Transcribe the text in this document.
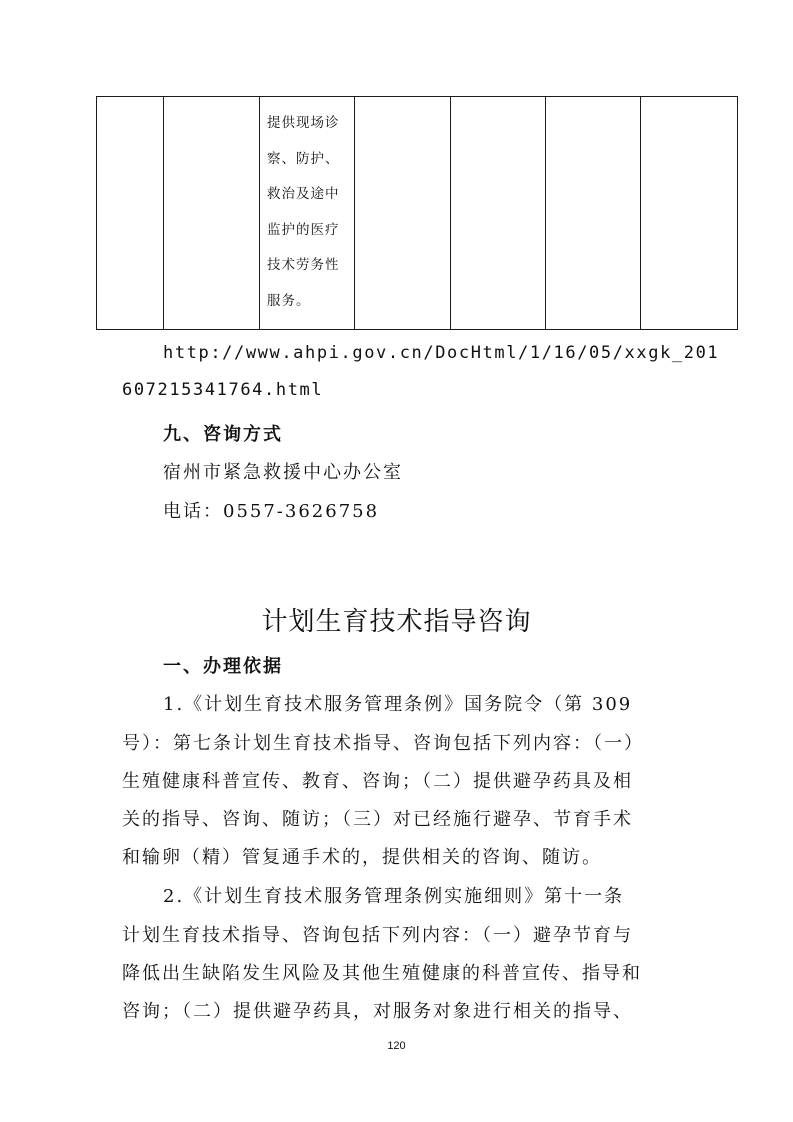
提供现场诊
察、防护、
救治及途中
监护的医疗
技术劳务性
服务。

http://www.ahpi.gov.cn/DocHtml/1/16/05/xxgk_201
607215341764.html
九、咨询方式
宿州市紧急救援中心办公室
电话：0557-3626758
计划生育技术指导咨询
一、办理依据
1.《计划生育技术服务管理条例》国务院令（第 309
号）：第七条计划生育技术指导、咨询包括下列内容：（一）
生殖健康科普宣传、教育、咨询；（二）提供避孕药具及相
关的指导、咨询、随访；（三）对已经施行避孕、节育手术
和输卵（精）管复通手术的，提供相关的咨询、随访。
2.《计划生育技术服务管理条例实施细则》第十一条
计划生育技术指导、咨询包括下列内容：（一）避孕节育与
降低出生缺陷发生风险及其他生殖健康的科普宣传、指导和
咨询；（二）提供避孕药具，对服务对象进行相关的指导、
120
